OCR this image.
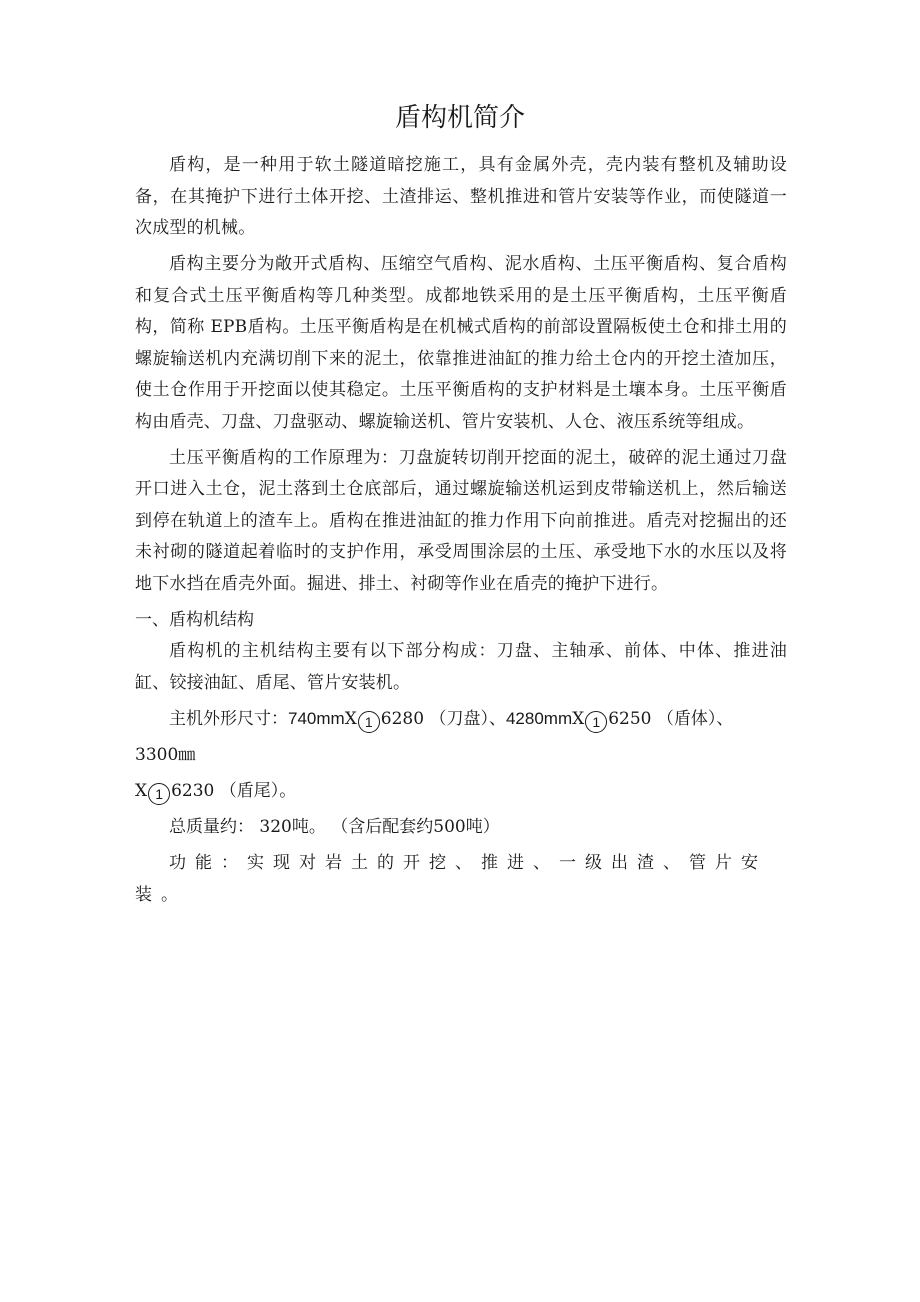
盾构机简介

盾构，是一种用于软土隧道暗挖施工，具有金属外壳，壳内装有整机及辅助设备，在其掩护下进行土体开挖、土渣排运、整机推进和管片安装等作业，而使隧道一次成型的机械。

盾构主要分为敞开式盾构、压缩空气盾构、泥水盾构、土压平衡盾构、复合盾构和复合式土压平衡盾构等几种类型。成都地铁采用的是土压平衡盾构，土压平衡盾构，简称 EPB盾构。土压平衡盾构是在机械式盾构的前部设置隔板使土仓和排土用的螺旋输送机内充满切削下来的泥土，依靠推进油缸的推力给土仓内的开挖土渣加压，使土仓作用于开挖面以使其稳定。土压平衡盾构的支护材料是土壤本身。土压平衡盾构由盾壳、刀盘、刀盘驱动、螺旋输送机、管片安装机、人仓、液压系统等组成。

土压平衡盾构的工作原理为：刀盘旋转切削开挖面的泥土，破碎的泥土通过刀盘开口进入土仓，泥土落到土仓底部后，通过螺旋输送机运到皮带输送机上，然后输送到停在轨道上的渣车上。盾构在推进油缸的推力作用下向前推进。盾壳对挖掘出的还未衬砌的隧道起着临时的支护作用，承受周围涂层的土压、承受地下水的水压以及将地下水挡在盾壳外面。掘进、排土、衬砌等作业在盾壳的掩护下进行。

一、盾构机结构

盾构机的主机结构主要有以下部分构成：刀盘、主轴承、前体、中体、推进油缸、铰接油缸、盾尾、管片安装机。

主机外形尺寸：740mmX 1 6280 （刀盘）、4280mmX 1 6250 （盾体）、

3300㎜

X 1 6230 （盾尾）。

总质量约： 320吨。 （含后配套约500吨）

功能：实现对岩土的开挖、推进、一级出渣、管片安

装。
